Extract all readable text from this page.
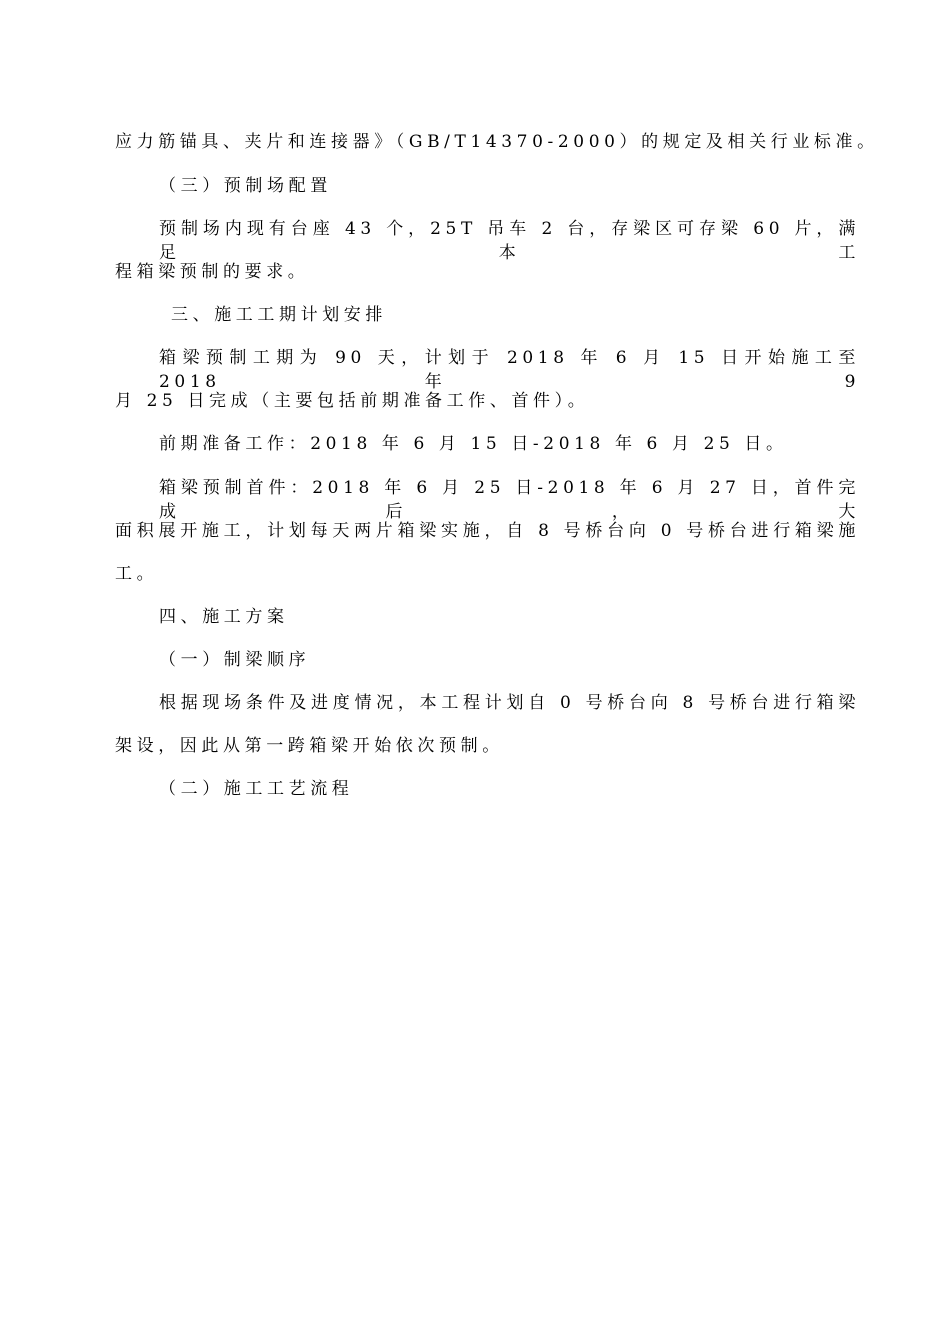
应力筋锚具、夹片和连接器》（GB/T14370-2000）的规定及相关行业标准。
（三）预制场配置
预制场内现有台座 43 个，25T 吊车 2 台，存梁区可存梁 60 片，满足本工
程箱梁预制的要求。
三、施工工期计划安排
箱梁预制工期为 90 天，计划于 2018 年 6 月 15 日开始施工至 2018 年 9
月 25 日完成（主要包括前期准备工作、首件）。
前期准备工作：2018 年 6 月 15 日-2018 年 6 月 25 日。
箱梁预制首件：2018 年 6 月 25 日-2018 年 6 月 27 日，首件完成后，大
面积展开施工，计划每天两片箱梁实施，自 8 号桥台向 0 号桥台进行箱梁施
工。
四、施工方案
（一）制梁顺序
根据现场条件及进度情况，本工程计划自 0 号桥台向 8 号桥台进行箱梁
架设，因此从第一跨箱梁开始依次预制。
（二）施工工艺流程
